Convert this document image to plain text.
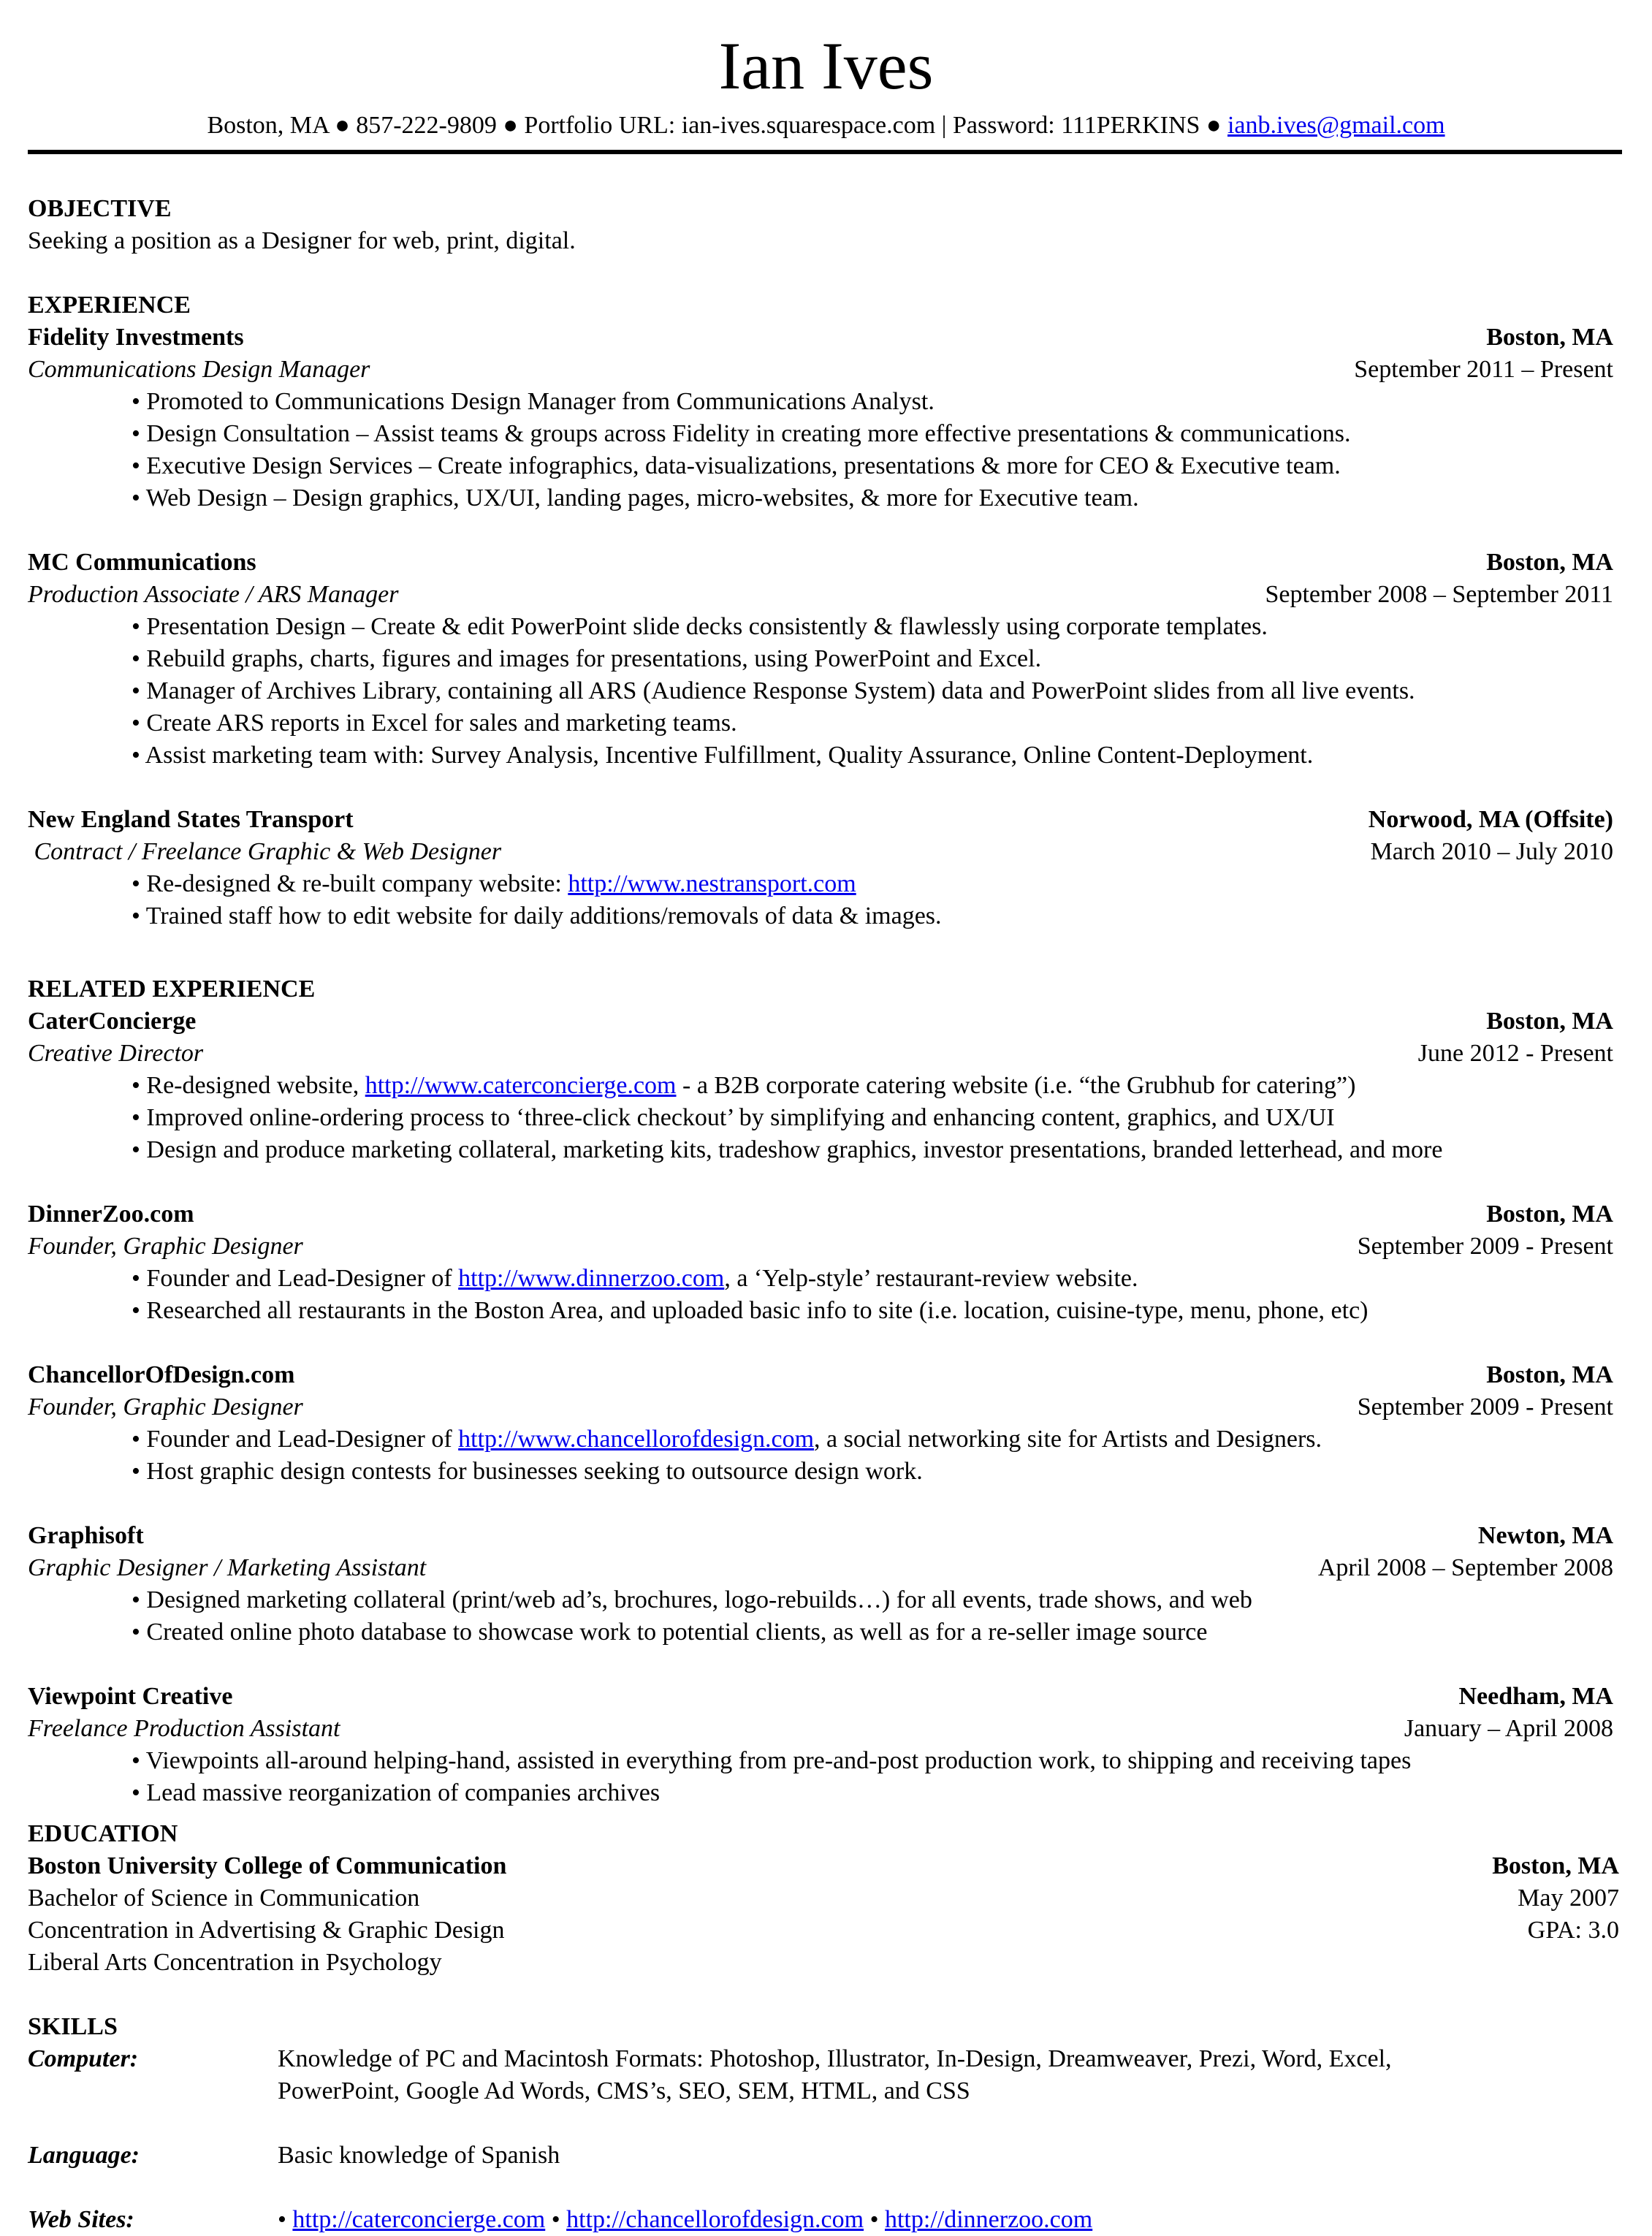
Ian Ives
Boston, MA ● 857-222-9809 ● Portfolio URL: ian-ives.squarespace.com | Password: 111PERKINS ● ianb.ives@gmail.com
OBJECTIVE
Seeking a position as a Designer for web, print, digital.
EXPERIENCE
Fidelity Investments	Boston, MA
Communications Design Manager	September 2011 – Present
• Promoted to Communications Design Manager from Communications Analyst.
• Design Consultation – Assist teams & groups across Fidelity in creating more effective presentations & communications.
• Executive Design Services – Create infographics, data-visualizations, presentations & more for CEO & Executive team.
• Web Design – Design graphics, UX/UI, landing pages, micro-websites, & more for Executive team.
MC Communications	Boston, MA
Production Associate / ARS Manager	September 2008 – September 2011
• Presentation Design – Create & edit PowerPoint slide decks consistently & flawlessly using corporate templates.
• Rebuild graphs, charts, figures and images for presentations, using PowerPoint and Excel.
• Manager of Archives Library, containing all ARS (Audience Response System) data and PowerPoint slides from all live events.
• Create ARS reports in Excel for sales and marketing teams.
• Assist marketing team with: Survey Analysis, Incentive Fulfillment, Quality Assurance, Online Content-Deployment.
New England States Transport	Norwood, MA (Offsite)
Contract / Freelance Graphic & Web Designer	March 2010 – July 2010
• Re-designed & re-built company website: http://www.nestransport.com
• Trained staff how to edit website for daily additions/removals of data & images.
RELATED EXPERIENCE
CaterConcierge	Boston, MA
Creative Director	June 2012 - Present
• Re-designed website, http://www.caterconcierge.com - a B2B corporate catering website (i.e. “the Grubhub for catering”)
• Improved online-ordering process to ‘three-click checkout’ by simplifying and enhancing content, graphics, and UX/UI
• Design and produce marketing collateral, marketing kits, tradeshow graphics, investor presentations, branded letterhead, and more
DinnerZoo.com	Boston, MA
Founder, Graphic Designer	September 2009 - Present
• Founder and Lead-Designer of http://www.dinnerzoo.com, a ‘Yelp-style’ restaurant-review website.
• Researched all restaurants in the Boston Area, and uploaded basic info to site (i.e. location, cuisine-type, menu, phone, etc)
ChancellorOfDesign.com	Boston, MA
Founder, Graphic Designer	September 2009 - Present
• Founder and Lead-Designer of http://www.chancellorofdesign.com, a social networking site for Artists and Designers.
• Host graphic design contests for businesses seeking to outsource design work.
Graphisoft	Newton, MA
Graphic Designer / Marketing Assistant	April 2008 – September 2008
• Designed marketing collateral (print/web ad’s, brochures, logo-rebuilds…) for all events, trade shows, and web
• Created online photo database to showcase work to potential clients, as well as for a re-seller image source
Viewpoint Creative	Needham, MA
Freelance Production Assistant	January – April 2008
• Viewpoints all-around helping-hand, assisted in everything from pre-and-post production work, to shipping and receiving tapes
• Lead massive reorganization of companies archives
EDUCATION
Boston University College of Communication	Boston, MA
Bachelor of Science in Communication	May 2007
Concentration in Advertising & Graphic Design	GPA: 3.0
Liberal Arts Concentration in Psychology
SKILLS
Computer:	Knowledge of PC and Macintosh Formats: Photoshop, Illustrator, In-Design, Dreamweaver, Prezi, Word, Excel,
PowerPoint, Google Ad Words, CMS’s, SEO, SEM, HTML, and CSS
Language:	Basic knowledge of Spanish
Web Sites:	• http://caterconcierge.com • http://chancellorofdesign.com • http://dinnerzoo.com
